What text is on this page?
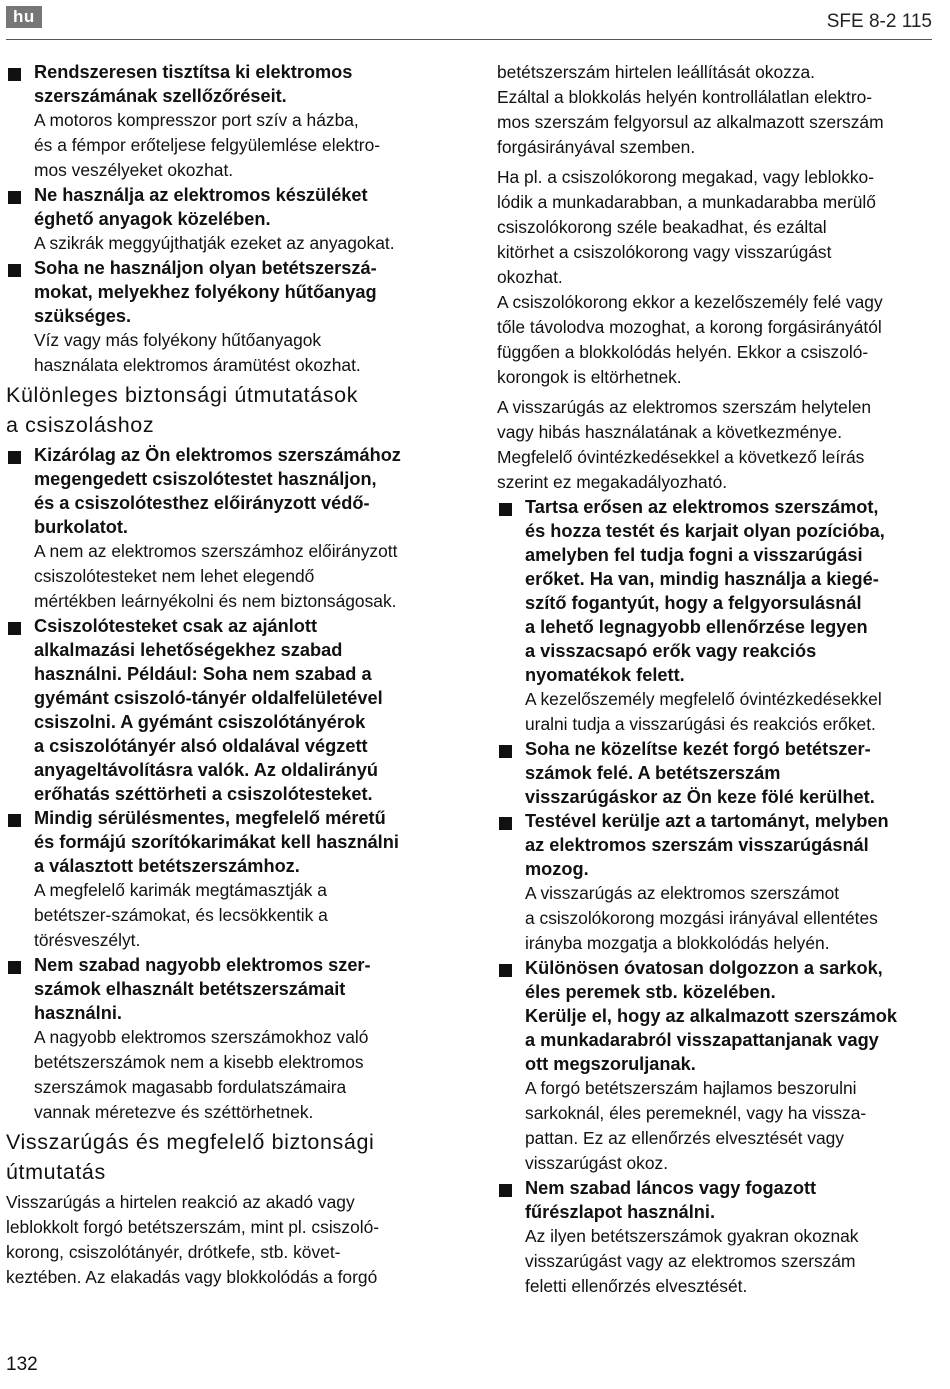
hu	SFE 8-2 115

Rendszeresen tisztítsa ki elektromos
szerszámának szellőzőréseit.

A motoros kompresszor port szív a házba,
és a fémpor erőteljese felgyülemlése elektro-
mos veszélyeket okozhat.

Ne használja az elektromos készüléket
éghető anyagok közelében.

A szikrák meggyújthatják ezeket az anyagokat.

Soha ne használjon olyan betétszerszá-
mokat, melyekhez folyékony hűtőanyag
szükséges.

Víz vagy más folyékony hűtőanyagok
használata elektromos áramütést okozhat.

Különleges biztonsági útmutatások
a csiszoláshoz

Kizárólag az Ön elektromos szerszámához
megengedett csiszolótestet használjon,
és a csiszolótesthez előirányzott védő-
burkolatot.

A nem az elektromos szerszámhoz előirányzott
csiszolótesteket nem lehet elegendő
mértékben leárnyékolni és nem biztonságosak.

Csiszolótesteket csak az ajánlott
alkalmazási lehetőségekhez szabad
használni. Például: Soha nem szabad a
gyémánt csiszoló-tányér oldalfelületével
csiszolni. A gyémánt csiszolótányérok
a csiszolótányér alsó oldalával végzett
anyageltávolításra valók. Az oldalirányú
erőhatás széttörheti a csiszolótesteket.

Mindig sérülésmentes, megfelelő méretű
és formájú szorítókarimákat kell használni
a választott betétszerszámhoz.

A megfelelő karimák megtámasztják a
betétszer-számokat, és lecsökkentik a
törésveszélyt.

Nem szabad nagyobb elektromos szer-
számok elhasznált betétszerszámait
használni.

A nagyobb elektromos szerszámokhoz való
betétszerszámok nem a kisebb elektromos
szerszámok magasabb fordulatszámaira
vannak méretezve és széttörhetnek.

Visszarúgás és megfelelő biztonsági
útmutatás

Visszarúgás a hirtelen reakció az akadó vagy
leblokkolt forgó betétszerszám, mint pl. csiszoló-
korong, csiszolótányér, drótkefe, stb. követ-
keztében. Az elakadás vagy blokkolódás a forgó

betétszerszám hirtelen leállítását okozza.
Ezáltal a blokkolás helyén kontrollálatlan elektro-
mos szerszám felgyorsul az alkalmazott szerszám
forgásirányával szemben.

Ha pl. a csiszolókorong megakad, vagy leblokko-
lódik a munkadarabban, a munkadarabba merülő
csiszolókorong széle beakadhat, és ezáltal
kitörhet a csiszolókorong vagy visszarúgást
okozhat.
A csiszolókorong ekkor a kezelőszemély felé vagy
tőle távolodva mozoghat, a korong forgásirányától
függően a blokkolódás helyén. Ekkor a csiszoló-
korongok is eltörhetnek.

A visszarúgás az elektromos szerszám helytelen
vagy hibás használatának a következménye.
Megfelelő óvintézkedésekkel a következő leírás
szerint ez megakadályozható.

Tartsa erősen az elektromos szerszámot,
és hozza testét és karjait olyan pozícióba,
amelyben fel tudja fogni a visszarúgási
erőket. Ha van, mindig használja a kiegé-
szítő fogantyút, hogy a felgyorsulásnál
a lehető legnagyobb ellenőrzése legyen
a visszacsapó erők vagy reakciós
nyomatékok felett.

A kezelőszemély megfelelő óvintézkedésekkel
uralni tudja a visszarúgási és reakciós erőket.

Soha ne közelítse kezét forgó betétszer-
számok felé. A betétszerszám
visszarúgáskor az Ön keze fölé kerülhet.

Testével kerülje azt a tartományt, melyben
az elektromos szerszám visszarúgásnál
mozog.

A visszarúgás az elektromos szerszámot
a csiszolókorong mozgási irányával ellentétes
irányba mozgatja a blokkolódás helyén.

Különösen óvatosan dolgozzon a sarkok,
éles peremek stb. közelében.
Kerülje el, hogy az alkalmazott szerszámok
a munkadarabról visszapattanjanak vagy
ott megszoruljanak.

A forgó betétszerszám hajlamos beszorulni
sarkoknál, éles peremeknél, vagy ha vissza-
pattan. Ez az ellenőrzés elvesztését vagy
visszarúgást okoz.

Nem szabad láncos vagy fogazott
fűrészlapot használni.

Az ilyen betétszerszámok gyakran okoznak
visszarúgást vagy az elektromos szerszám
feletti ellenőrzés elvesztését.

132
